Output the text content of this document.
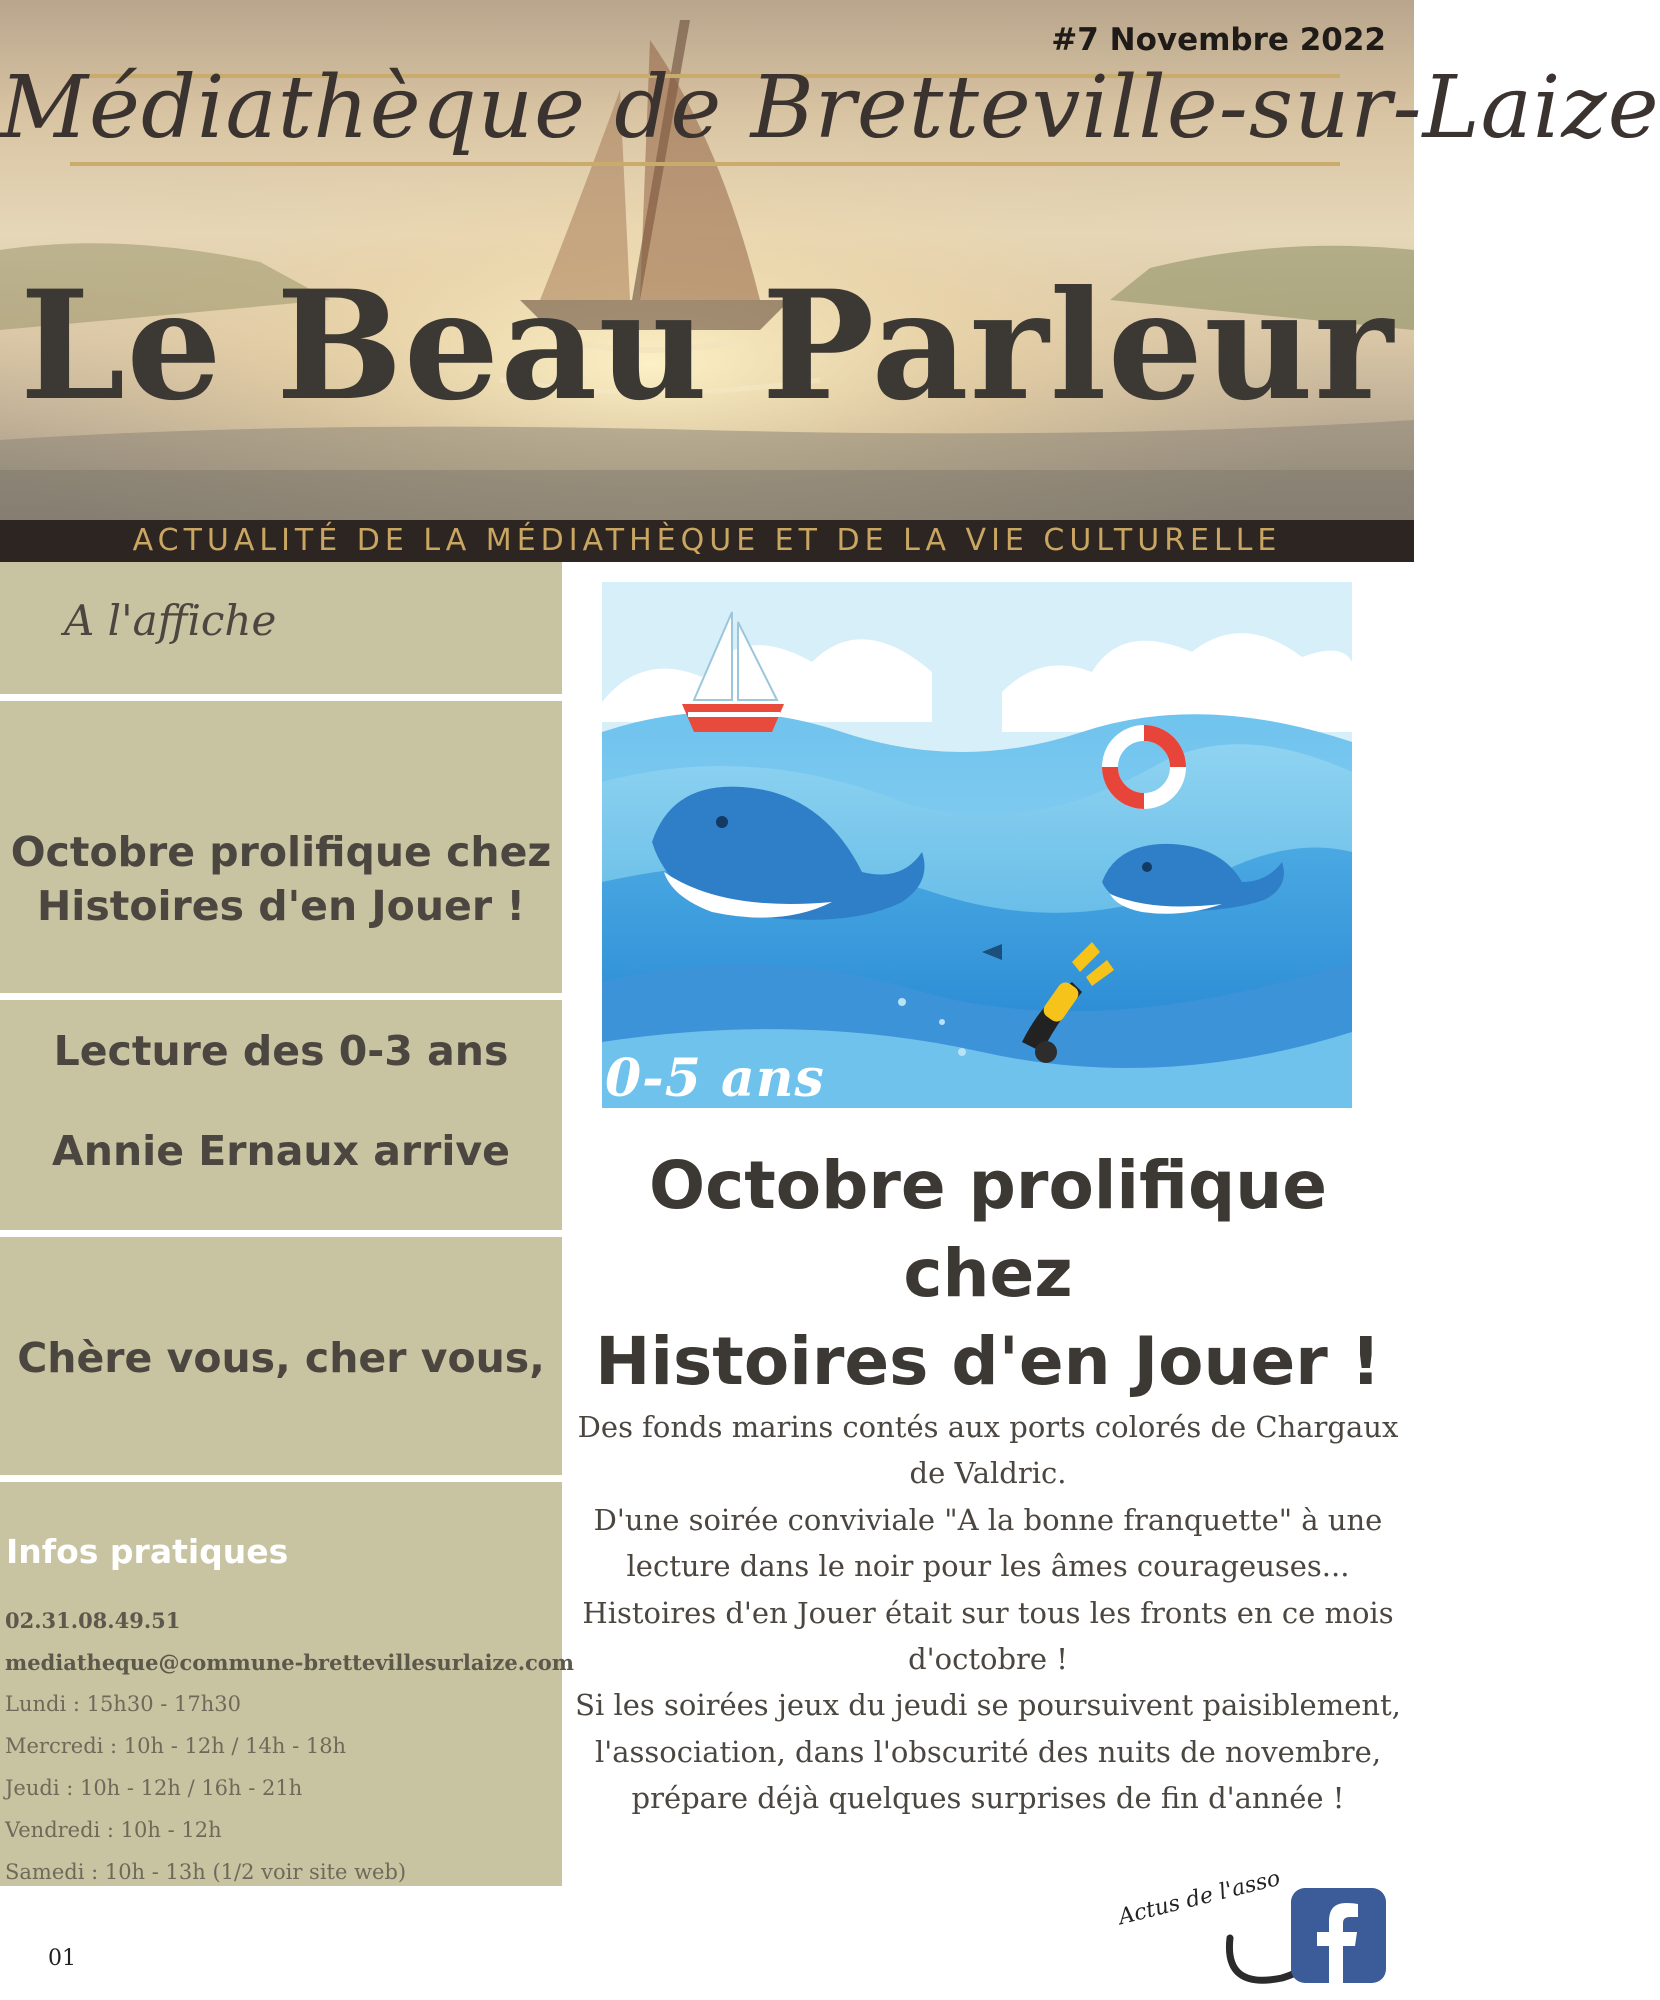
#7 Novembre 2022
Médiathèque de Bretteville-sur-Laize
Le Beau Parleur
ACTUALITÉ DE LA MÉDIATHÈQUE ET DE LA VIE CULTURELLE
A l'affiche
Octobre prolifique chez
Histoires d'en Jouer !
Lecture des 0-3 ans
Annie Ernaux arrive
Chère vous, cher vous,
Infos pratiques
02.31.08.49.51
mediatheque@commune-brettevillesurlaize.com
Lundi : 15h30 - 17h30
Mercredi : 10h - 12h / 14h - 18h
Jeudi : 10h - 12h / 16h - 21h
Vendredi : 10h - 12h
Samedi : 10h - 13h (1/2 voir site web)
0-5 ans
Octobre prolifique chez
Histoires d'en Jouer !
Des fonds marins contés aux ports colorés de Chargaux
de Valdric.
D'une soirée conviviale "A la bonne franquette" à une
lecture dans le noir pour les âmes courageuses...
Histoires d'en Jouer était sur tous les fronts en ce mois
d'octobre !
Si les soirées jeux du jeudi se poursuivent paisiblement,
l'association, dans l'obscurité des nuits de novembre,
prépare déjà quelques surprises de fin d'année !
01
Actus de l'asso
